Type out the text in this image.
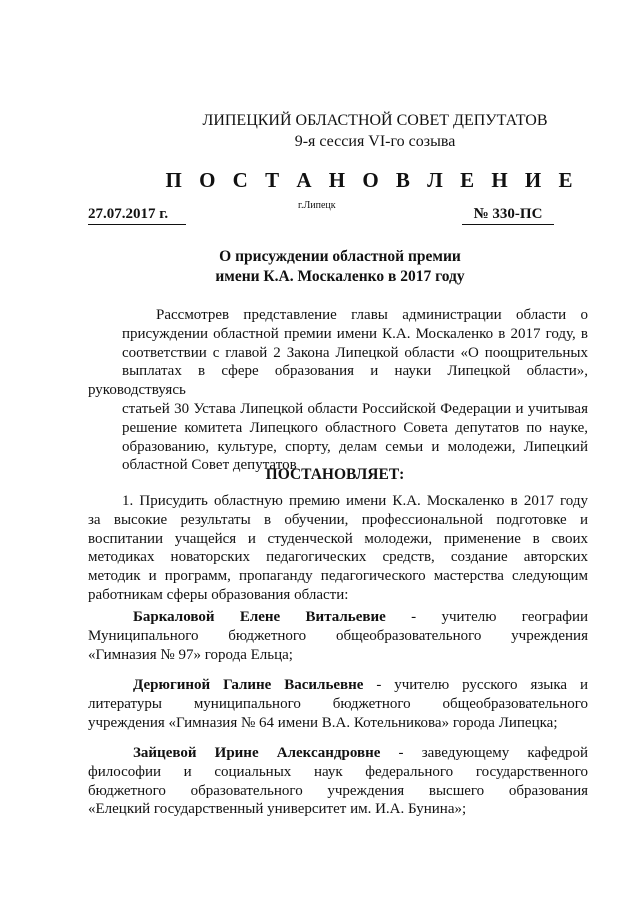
ЛИПЕЦКИЙ ОБЛАСТНОЙ СОВЕТ ДЕПУТАТОВ
9-я сессия VI-го созыва
П О С Т А Н О В Л Е Н И Е
27.07.2017 г.
г.Липецк
№ 330-ПС
О присуждении областной премии
имени К.А. Москаленко в 2017 году
Рассмотрев представление главы администрации области о
присуждении областной премии имени К.А. Москаленко в 2017 году, в
соответствии с главой 2 Закона Липецкой области «О поощрительных
выплатах в сфере образования и науки Липецкой области», руководствуясь
статьей 30 Устава Липецкой области Российской Федерации и учитывая
решение комитета Липецкого областного Совета депутатов по науке,
образованию, культуре, спорту, делам семьи и молодежи, Липецкий
областной Совет депутатов
ПОСТАНОВЛЯЕТ:
1. Присудить областную премию имени К.А. Москаленко в 2017 году
за высокие результаты в обучении, профессиональной подготовке и
воспитании учащейся и студенческой молодежи, применение в своих
методиках новаторских педагогических средств, создание авторских
методик и программ, пропаганду педагогического мастерства следующим
работникам сферы образования области:
Баркаловой Елене Витальевие - учителю географии
Муниципального бюджетного общеобразовательного учреждения
«Гимназия № 97» города Ельца;
Дерюгиной Галине Васильевне - учителю русского языка и
литературы муниципального бюджетного общеобразовательного
учреждения «Гимназия № 64 имени В.А. Котельникова» города Липецка;
Зайцевой Ирине Александровне - заведующему кафедрой
философии и социальных наук федерального государственного
бюджетного образовательного учреждения высшего образования
«Елецкий государственный университет им. И.А. Бунина»;
